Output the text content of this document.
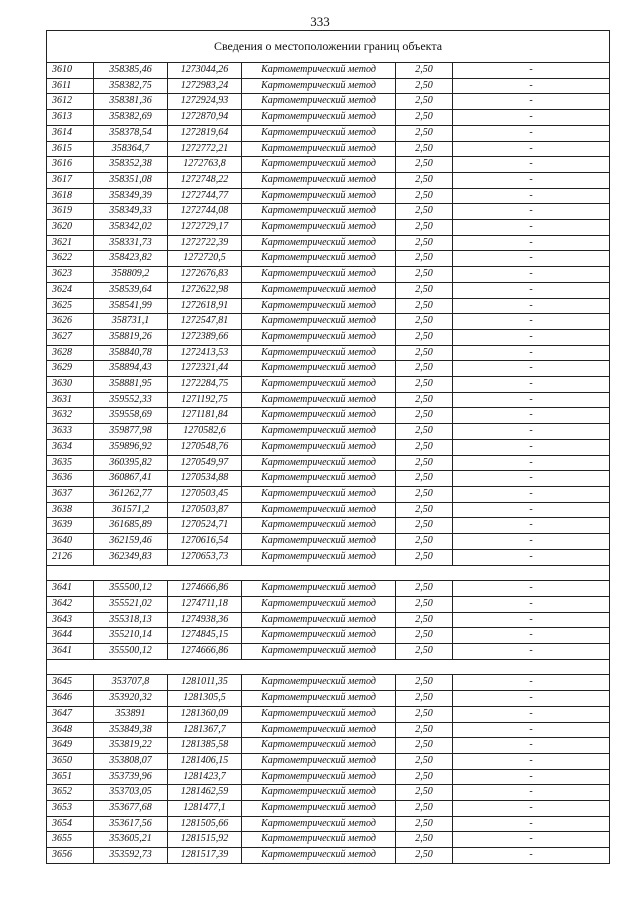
333
Сведения о местоположении границ объекта					
3610	358385,46	1273044,26	Картометрический метод	2,50	-
3611	358382,75	1272983,24	Картометрический метод	2,50	-
3612	358381,36	1272924,93	Картометрический метод	2,50	-
3613	358382,69	1272870,94	Картометрический метод	2,50	-
3614	358378,54	1272819,64	Картометрический метод	2,50	-
3615	358364,7	1272772,21	Картометрический метод	2,50	-
3616	358352,38	1272763,8	Картометрический метод	2,50	-
3617	358351,08	1272748,22	Картометрический метод	2,50	-
3618	358349,39	1272744,77	Картометрический метод	2,50	-
3619	358349,33	1272744,08	Картометрический метод	2,50	-
3620	358342,02	1272729,17	Картометрический метод	2,50	-
3621	358331,73	1272722,39	Картометрический метод	2,50	-
3622	358423,82	1272720,5	Картометрический метод	2,50	-
3623	358809,2	1272676,83	Картометрический метод	2,50	-
3624	358539,64	1272622,98	Картометрический метод	2,50	-
3625	358541,99	1272618,91	Картометрический метод	2,50	-
3626	358731,1	1272547,81	Картометрический метод	2,50	-
3627	358819,26	1272389,66	Картометрический метод	2,50	-
3628	358840,78	1272413,53	Картометрический метод	2,50	-
3629	358894,43	1272321,44	Картометрический метод	2,50	-
3630	358881,95	1272284,75	Картометрический метод	2,50	-
3631	359552,33	1271192,75	Картометрический метод	2,50	-
3632	359558,69	1271181,84	Картометрический метод	2,50	-
3633	359877,98	1270582,6	Картометрический метод	2,50	-
3634	359896,92	1270548,76	Картометрический метод	2,50	-
3635	360395,82	1270549,97	Картометрический метод	2,50	-
3636	360867,41	1270534,88	Картометрический метод	2,50	-
3637	361262,77	1270503,45	Картометрический метод	2,50	-
3638	361571,2	1270503,87	Картометрический метод	2,50	-
3639	361685,89	1270524,71	Картометрический метод	2,50	-
3640	362159,46	1270616,54	Картометрический метод	2,50	-
2126	362349,83	1270653,73	Картометрический метод	2,50	-

3641	355500,12	1274666,86	Картометрический метод	2,50	-
3642	355521,02	1274711,18	Картометрический метод	2,50	-
3643	355318,13	1274938,36	Картометрический метод	2,50	-
3644	355210,14	1274845,15	Картометрический метод	2,50	-
3641	355500,12	1274666,86	Картометрический метод	2,50	-

3645	353707,8	1281011,35	Картометрический метод	2,50	-
3646	353920,32	1281305,5	Картометрический метод	2,50	-
3647	353891	1281360,09	Картометрический метод	2,50	-
3648	353849,38	1281367,7	Картометрический метод	2,50	-
3649	353819,22	1281385,58	Картометрический метод	2,50	-
3650	353808,07	1281406,15	Картометрический метод	2,50	-
3651	353739,96	1281423,7	Картометрический метод	2,50	-
3652	353703,05	1281462,59	Картометрический метод	2,50	-
3653	353677,68	1281477,1	Картометрический метод	2,50	-
3654	353617,56	1281505,66	Картометрический метод	2,50	-
3655	353605,21	1281515,92	Картометрический метод	2,50	-
3656	353592,73	1281517,39	Картометрический метод	2,50	-
